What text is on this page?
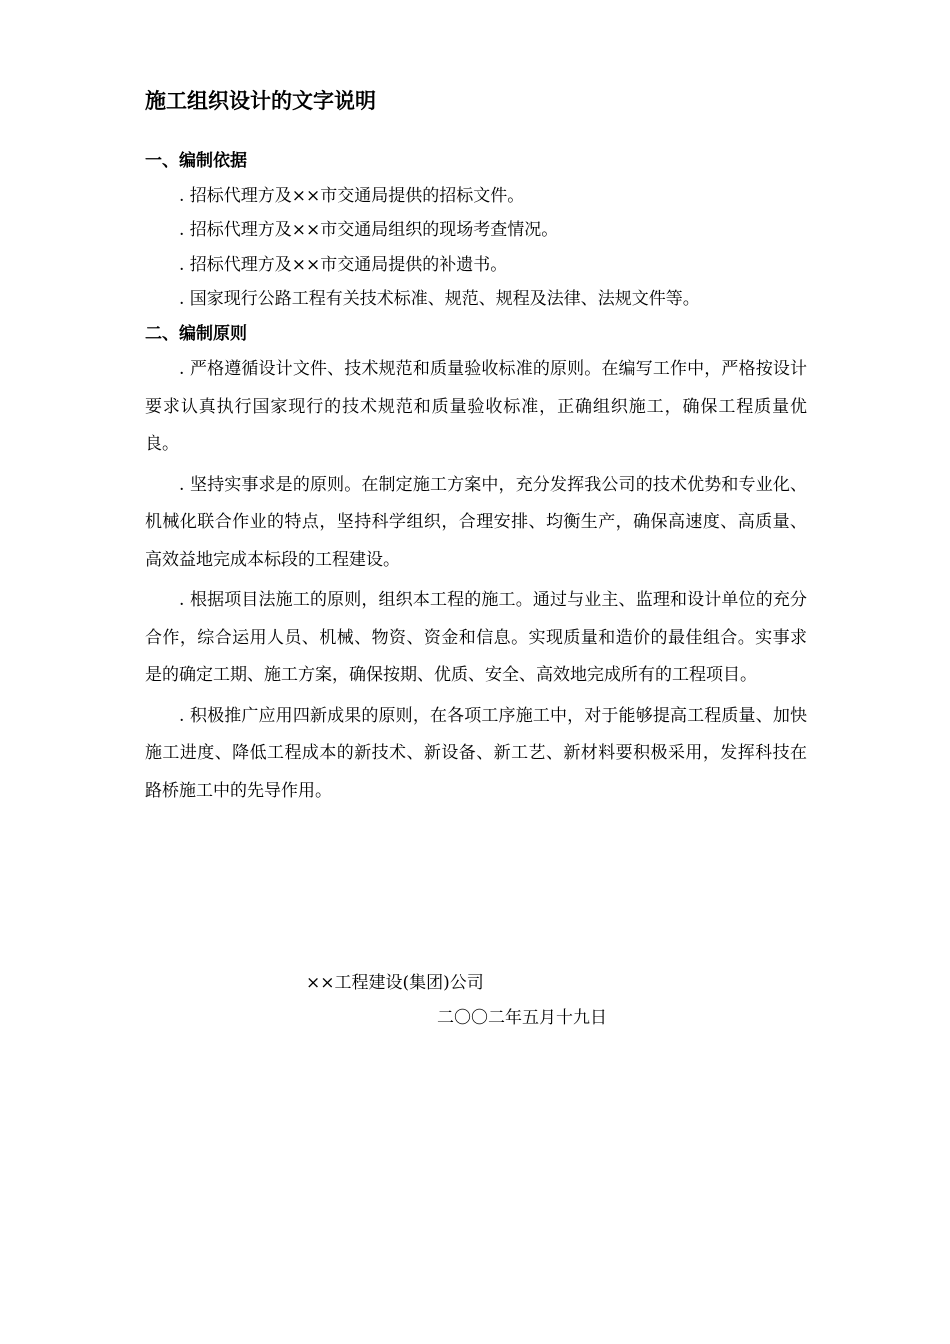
施工组织设计的文字说明

一、编制依据

. 招标代理方及××市交通局提供的招标文件。

. 招标代理方及××市交通局组织的现场考查情况。

. 招标代理方及××市交通局提供的补遗书。

. 国家现行公路工程有关技术标准、规范、规程及法律、法规文件等。

二、编制原则

. 严格遵循设计文件、技术规范和质量验收标准的原则。在编写工作中，严格按设计要求认真执行国家现行的技术规范和质量验收标准，正确组织施工，确保工程质量优良。

. 坚持实事求是的原则。在制定施工方案中，充分发挥我公司的技术优势和专业化、机械化联合作业的特点，坚持科学组织，合理安排、均衡生产，确保高速度、高质量、高效益地完成本标段的工程建设。

. 根据项目法施工的原则，组织本工程的施工。通过与业主、监理和设计单位的充分合作，综合运用人员、机械、物资、资金和信息。实现质量和造价的最佳组合。实事求是的确定工期、施工方案，确保按期、优质、安全、高效地完成所有的工程项目。

. 积极推广应用四新成果的原则，在各项工序施工中，对于能够提高工程质量、加快施工进度、降低工程成本的新技术、新设备、新工艺、新材料要积极采用，发挥科技在路桥施工中的先导作用。

××工程建设(集团)公司
二〇〇二年五月十九日
